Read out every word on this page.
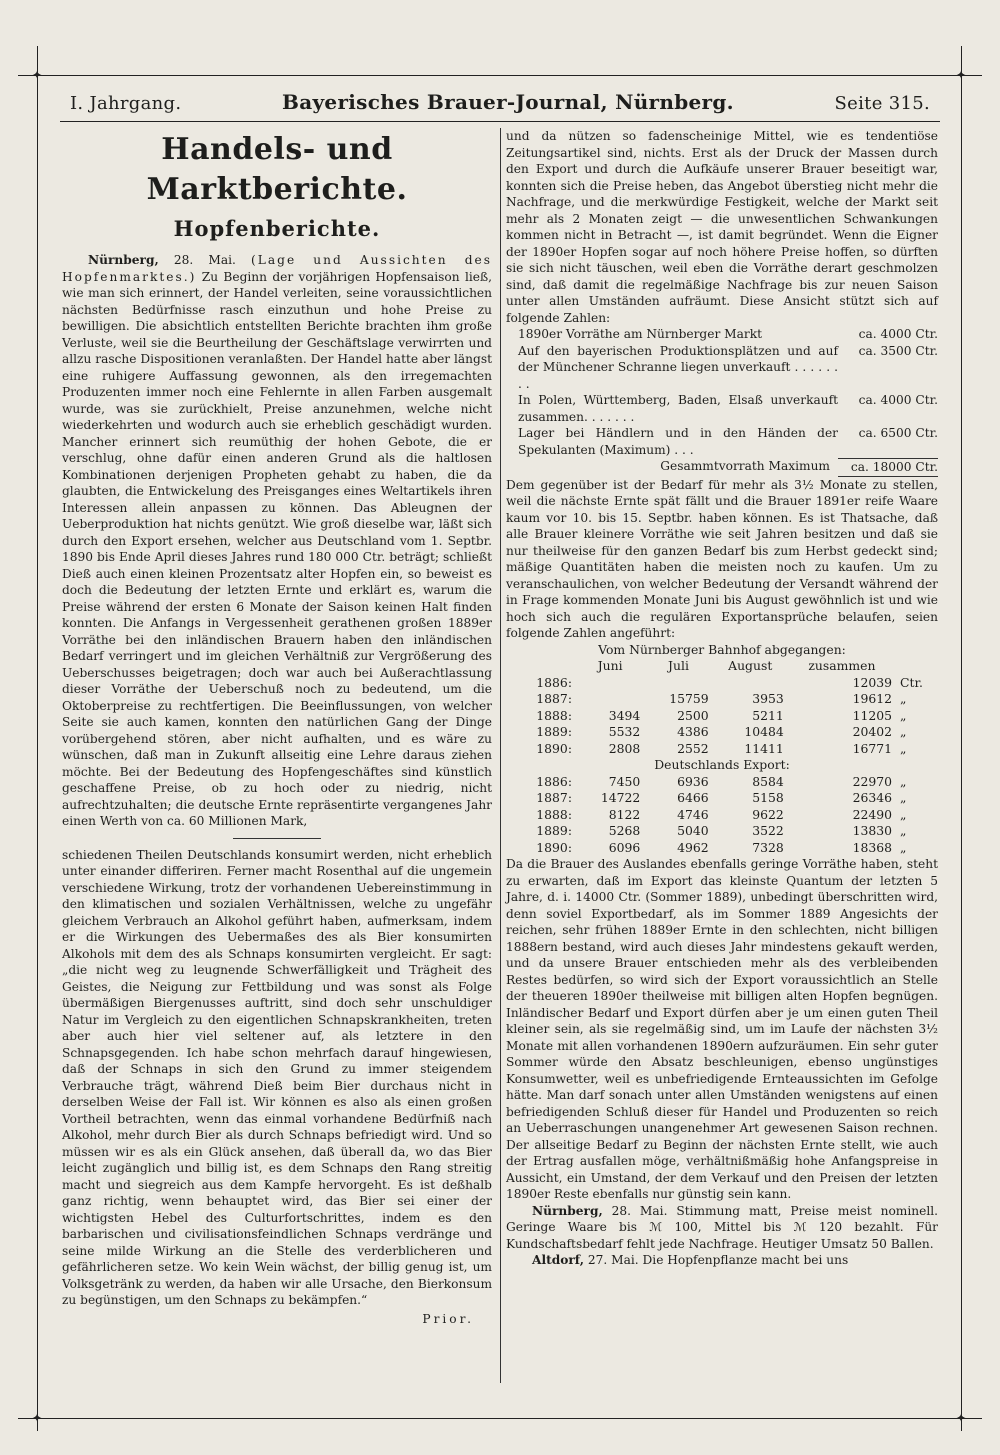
✦	✦
✦	✦
I. Jahrgang.	Bayerisches Brauer-Journal, Nürnberg.	Seite 315.
Handels- und Marktberichte.
Hopfenberichte.

Nürnberg, 28. Mai. (Lage und Aussichten des Hopfenmarktes.) Zu Beginn der vorjährigen Hopfensaison ließ, wie man sich erinnert, der Handel verleiten, seine voraussichtlichen nächsten Bedürfnisse rasch einzuthun und hohe Preise zu bewilligen. Die absichtlich entstellten Berichte brachten ihm große Verluste, weil sie die Beurtheilung der Geschäftslage verwirrten und allzu rasche Dispositionen veranlaßten. Der Handel hatte aber längst eine ruhigere Auffassung gewonnen, als den irregemachten Produzenten immer noch eine Fehlernte in allen Farben ausgemalt wurde, was sie zurückhielt, Preise anzunehmen, welche nicht wiederkehrten und wodurch auch sie erheblich geschädigt wurden. Mancher erinnert sich reumüthig der hohen Gebote, die er verschlug, ohne dafür einen anderen Grund als die haltlosen Kombinationen derjenigen Propheten gehabt zu haben, die da glaubten, die Entwickelung des Preisganges eines Weltartikels ihren Interessen allein anpassen zu können. Das Ableugnen der Ueberproduktion hat nichts genützt. Wie groß dieselbe war, läßt sich durch den Export ersehen, welcher aus Deutschland vom 1. Septbr. 1890 bis Ende April dieses Jahres rund 180 000 Ctr. beträgt; schließt Dieß auch einen kleinen Prozentsatz alter Hopfen ein, so beweist es doch die Bedeutung der letzten Ernte und erklärt es, warum die Preise während der ersten 6 Monate der Saison keinen Halt finden konnten. Die Anfangs in Vergessenheit gerathenen großen 1889er Vorräthe bei den inländischen Brauern haben den inländischen Bedarf verringert und im gleichen Verhältniß zur Vergrößerung des Ueberschusses beigetragen; doch war auch bei Außerachtlassung dieser Vorräthe der Ueberschuß noch zu bedeutend, um die Oktoberpreise zu rechtfertigen. Die Beeinflussungen, von welcher Seite sie auch kamen, konnten den natürlichen Gang der Dinge vorübergehend stören, aber nicht aufhalten, und es wäre zu wünschen, daß man in Zukunft allseitig eine Lehre daraus ziehen möchte. Bei der Bedeutung des Hopfengeschäftes sind künstlich geschaffene Preise, ob zu hoch oder zu niedrig, nicht aufrechtzuhalten; die deutsche Ernte repräsentirte vergangenes Jahr einen Werth von ca. 60 Millionen Mark,

schiedenen Theilen Deutschlands konsumirt werden, nicht erheblich unter einander differiren. Ferner macht Rosenthal auf die ungemein verschiedene Wirkung, trotz der vorhandenen Uebereinstimmung in den klimatischen und sozialen Verhältnissen, welche zu ungefähr gleichem Verbrauch an Alkohol geführt haben, aufmerksam, indem er die Wirkungen des Uebermaßes des als Bier konsumirten Alkohols mit dem des als Schnaps konsumirten vergleicht. Er sagt: „die nicht weg zu leugnende Schwerfälligkeit und Trägheit des Geistes, die Neigung zur Fettbildung und was sonst als Folge übermäßigen Biergenusses auftritt, sind doch sehr unschuldiger Natur im Vergleich zu den eigentlichen Schnapskrankheiten, treten aber auch hier viel seltener auf, als letztere in den Schnapsgegenden. Ich habe schon mehrfach darauf hingewiesen, daß der Schnaps in sich den Grund zu immer steigendem Verbrauche trägt, während Dieß beim Bier durchaus nicht in derselben Weise der Fall ist. Wir können es also als einen großen Vortheil betrachten, wenn das einmal vorhandene Bedürfniß nach Alkohol, mehr durch Bier als durch Schnaps befriedigt wird. Und so müssen wir es als ein Glück ansehen, daß überall da, wo das Bier leicht zugänglich und billig ist, es dem Schnaps den Rang streitig macht und siegreich aus dem Kampfe hervorgeht. Es ist deßhalb ganz richtig, wenn behauptet wird, das Bier sei einer der wichtigsten Hebel des Culturfortschrittes, indem es den barbarischen und civilisationsfeindlichen Schnaps verdränge und seine milde Wirkung an die Stelle des verderblicheren und gefährlicheren setze. Wo kein Wein wächst, der billig genug ist, um Volksgetränk zu werden, da haben wir alle Ursache, den Bierkonsum zu begünstigen, um den Schnaps zu bekämpfen.“

Prior.

und da nützen so fadenscheinige Mittel, wie es tendentiöse Zeitungsartikel sind, nichts. Erst als der Druck der Massen durch den Export und durch die Aufkäufe unserer Brauer beseitigt war, konnten sich die Preise heben, das Angebot überstieg nicht mehr die Nachfrage, und die merkwürdige Festigkeit, welche der Markt seit mehr als 2 Monaten zeigt — die unwesentlichen Schwankungen kommen nicht in Betracht —, ist damit begründet. Wenn die Eigner der 1890er Hopfen sogar auf noch höhere Preise hoffen, so dürften sie sich nicht täuschen, weil eben die Vorräthe derart geschmolzen sind, daß damit die regelmäßige Nachfrage bis zur neuen Saison unter allen Umständen aufräumt. Diese Ansicht stützt sich auf folgende Zahlen:

1890er Vorräthe am Nürnberger Markt	ca. 4000 Ctr.
Auf den bayerischen Produktionsplätzen und auf der Münchener Schranne liegen unverkauft . . . . . . . .
ca. 3500 Ctr.
In Polen, Württemberg, Baden, Elsaß unverkauft zusammen. . . . . . .
ca. 4000 Ctr.
Lager bei Händlern und in den Händen der Spekulanten (Maximum) . . .
ca. 6500 Ctr.
Gesammtvorrath Maximum	ca. 18000 Ctr.

Dem gegenüber ist der Bedarf für mehr als 3½ Monate zu stellen, weil die nächste Ernte spät fällt und die Brauer 1891er reife Waare kaum vor 10. bis 15. Septbr. haben können. Es ist Thatsache, daß alle Brauer kleinere Vorräthe wie seit Jahren besitzen und daß sie nur theilweise für den ganzen Bedarf bis zum Herbst gedeckt sind; mäßige Quantitäten haben die meisten noch zu kaufen. Um zu veranschaulichen, von welcher Bedeutung der Versandt während der in Frage kommenden Monate Juni bis August gewöhnlich ist und wie hoch sich auch die regulären Exportansprüche belaufen, seien folgende Zahlen angeführt:

Vom Nürnberger Bahnhof abgegangen:					
	Juni	Juli	August	zusammen	
1886:				12039	Ctr.
1887:		15759	3953	19612	„
1888:	3494	2500	5211	11205	„
1889:	5532	4386	10484	20402	„
1890:	2808	2552	11411	16771	„
Deutschlands Export:					
1886:	7450	6936	8584	22970	„
1887:	14722	6466	5158	26346	„
1888:	8122	4746	9622	22490	„
1889:	5268	5040	3522	13830	„
1890:	6096	4962	7328	18368	„

Da die Brauer des Auslandes ebenfalls geringe Vorräthe haben, steht zu erwarten, daß im Export das kleinste Quantum der letzten 5 Jahre, d. i. 14000 Ctr. (Sommer 1889), unbedingt überschritten wird, denn soviel Exportbedarf, als im Sommer 1889 Angesichts der reichen, sehr frühen 1889er Ernte in den schlechten, nicht billigen 1888ern bestand, wird auch dieses Jahr mindestens gekauft werden, und da unsere Brauer entschieden mehr als des verbleibenden Restes bedürfen, so wird sich der Export voraussichtlich an Stelle der theueren 1890er theilweise mit billigen alten Hopfen begnügen. Inländischer Bedarf und Export dürfen aber je um einen guten Theil kleiner sein, als sie regelmäßig sind, um im Laufe der nächsten 3½ Monate mit allen vorhandenen 1890ern aufzuräumen. Ein sehr guter Sommer würde den Absatz beschleunigen, ebenso ungünstiges Konsumwetter, weil es unbefriedigende Ernteaussichten im Gefolge hätte. Man darf sonach unter allen Umständen wenigstens auf einen befriedigenden Schluß dieser für Handel und Produzenten so reich an Ueberraschungen unangenehmer Art gewesenen Saison rechnen. Der allseitige Bedarf zu Beginn der nächsten Ernte stellt, wie auch der Ertrag ausfallen möge, verhältnißmäßig hohe Anfangspreise in Aussicht, ein Umstand, der dem Verkauf und den Preisen der letzten 1890er Reste ebenfalls nur günstig sein kann.

Nürnberg, 28. Mai. Stimmung matt, Preise meist nominell. Geringe Waare bis ℳ 100, Mittel bis ℳ 120 bezahlt. Für Kundschaftsbedarf fehlt jede Nachfrage. Heutiger Umsatz 50 Ballen.

Altdorf, 27. Mai. Die Hopfenpflanze macht bei uns
